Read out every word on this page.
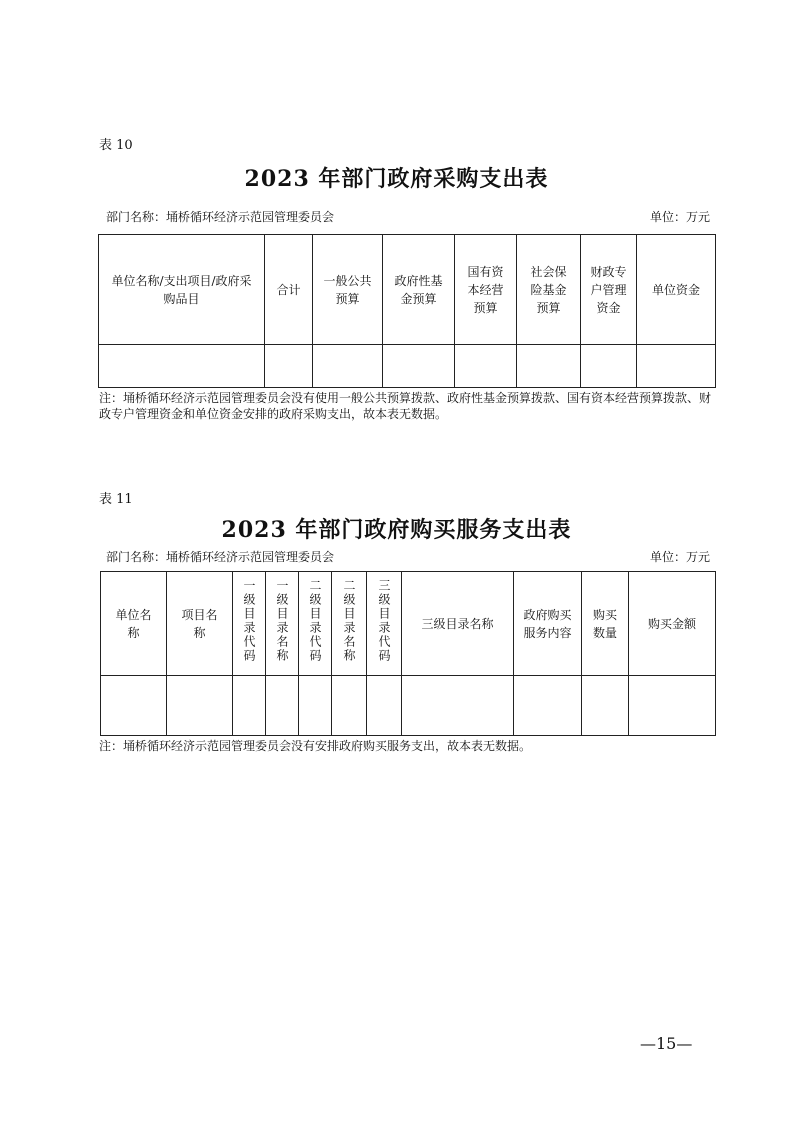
表 10
2023 年部门政府采购支出表
部门名称：埇桥循环经济示范园管理委员会	单位：万元
单位名称/支出项目/政府采购品目	合计	一般公共预算	政府性基金预算	国有资本经营预算	社会保险基金预算	财政专户管理资金	单位资金

注：埇桥循环经济示范园管理委员会没有使用一般公共预算拨款、政府性基金预算拨款、国有资本经营预算拨款、财政专户管理资金和单位资金安排的政府采购支出，故本表无数据。
表 11
2023 年部门政府购买服务支出表
部门名称：埇桥循环经济示范园管理委员会	单位：万元
单位名称	项目名称	一级目录代码	一级目录名称	二级目录代码	二级目录名称	三级目录代码	三级目录名称	政府购买服务内容	购买数量	购买金额

注：埇桥循环经济示范园管理委员会没有安排政府购买服务支出，故本表无数据。
—15—
